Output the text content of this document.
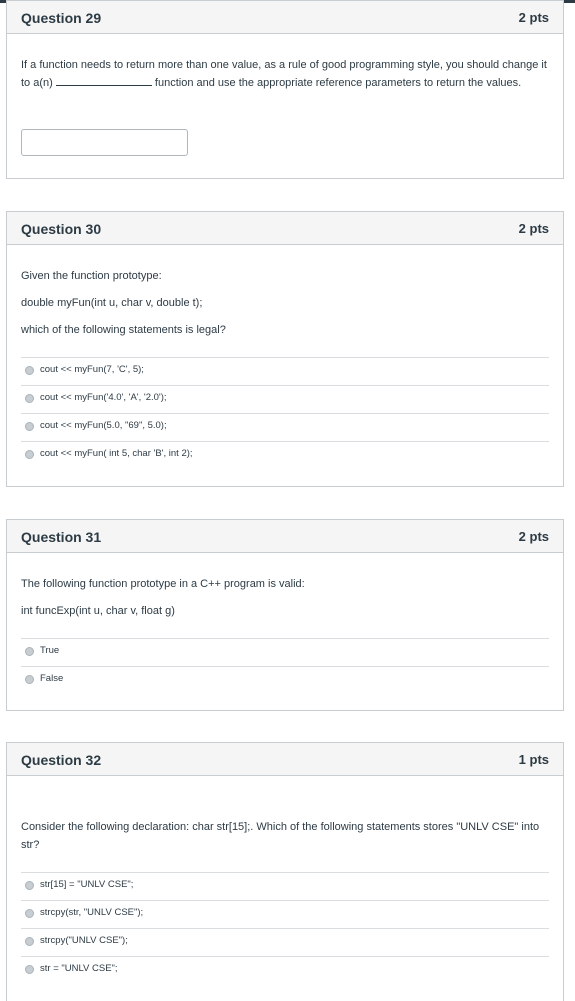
Question 29	2 pts
If a function needs to return more than one value, as a rule of good programming style, you should change it to a(n)	function and use the appropriate reference parameters to return the values.
Question 30	2 pts
Given the function prototype:
double myFun(int u, char v, double t);
which of the following statements is legal?
cout << myFun(7, 'C', 5);
cout << myFun('4.0', 'A', '2.0');
cout << myFun(5.0, "69", 5.0);
cout << myFun( int 5, char 'B', int 2);
Question 31	2 pts
The following function prototype in a C++ program is valid:
int funcExp(int u, char v, float g)
True
False
Question 32	1 pts
Consider the following declaration: char str[15];. Which of the following statements stores "UNLV CSE" into str?
str[15] = "UNLV CSE";
strcpy(str, "UNLV CSE");
strcpy("UNLV CSE");
str = "UNLV CSE";
